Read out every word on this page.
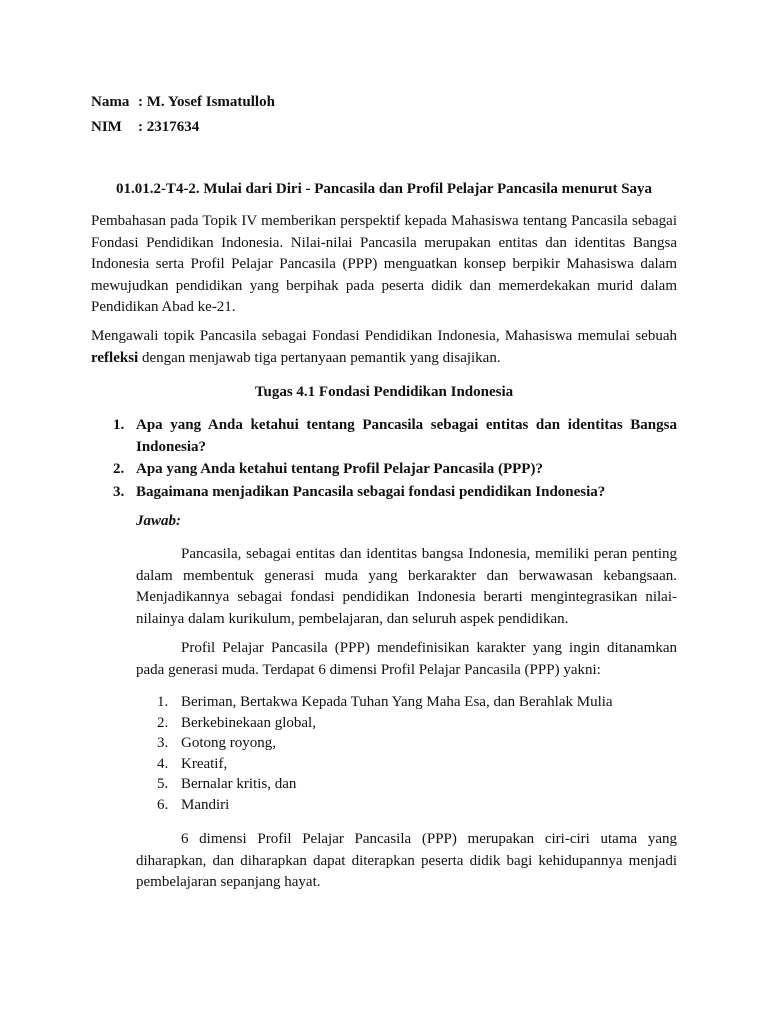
Nama : M. Yosef Ismatulloh
NIM : 2317634
01.01.2-T4-2. Mulai dari Diri - Pancasila dan Profil Pelajar Pancasila menurut Saya

Pembahasan pada Topik IV memberikan perspektif kepada Mahasiswa tentang Pancasila sebagai Fondasi Pendidikan Indonesia. Nilai-nilai Pancasila merupakan entitas dan identitas Bangsa Indonesia serta Profil Pelajar Pancasila (PPP) menguatkan konsep berpikir Mahasiswa dalam mewujudkan pendidikan yang berpihak pada peserta didik dan memerdekakan murid dalam Pendidikan Abad ke-21.

Mengawali topik Pancasila sebagai Fondasi Pendidikan Indonesia, Mahasiswa memulai sebuah refleksi dengan menjawab tiga pertanyaan pemantik yang disajikan.

Tugas 4.1 Fondasi Pendidikan Indonesia
1. Apa yang Anda ketahui tentang Pancasila sebagai entitas dan identitas Bangsa Indonesia?
2. Apa yang Anda ketahui tentang Profil Pelajar Pancasila (PPP)?
3. Bagaimana menjadikan Pancasila sebagai fondasi pendidikan Indonesia?
Jawab:

Pancasila, sebagai entitas dan identitas bangsa Indonesia, memiliki peran penting dalam membentuk generasi muda yang berkarakter dan berwawasan kebangsaan. Menjadikannya sebagai fondasi pendidikan Indonesia berarti mengintegrasikan nilai-nilainya dalam kurikulum, pembelajaran, dan seluruh aspek pendidikan.

Profil Pelajar Pancasila (PPP) mendefinisikan karakter yang ingin ditanamkan pada generasi muda. Terdapat 6 dimensi Profil Pelajar Pancasila (PPP) yakni:

1. Beriman, Bertakwa Kepada Tuhan Yang Maha Esa, dan Berahlak Mulia
2. Berkebinekaan global,
3. Gotong royong,
4. Kreatif,
5. Bernalar kritis, dan
6. Mandiri

6 dimensi Profil Pelajar Pancasila (PPP) merupakan ciri-ciri utama yang diharapkan, dan diharapkan dapat diterapkan peserta didik bagi kehidupannya menjadi pembelajaran sepanjang hayat.
